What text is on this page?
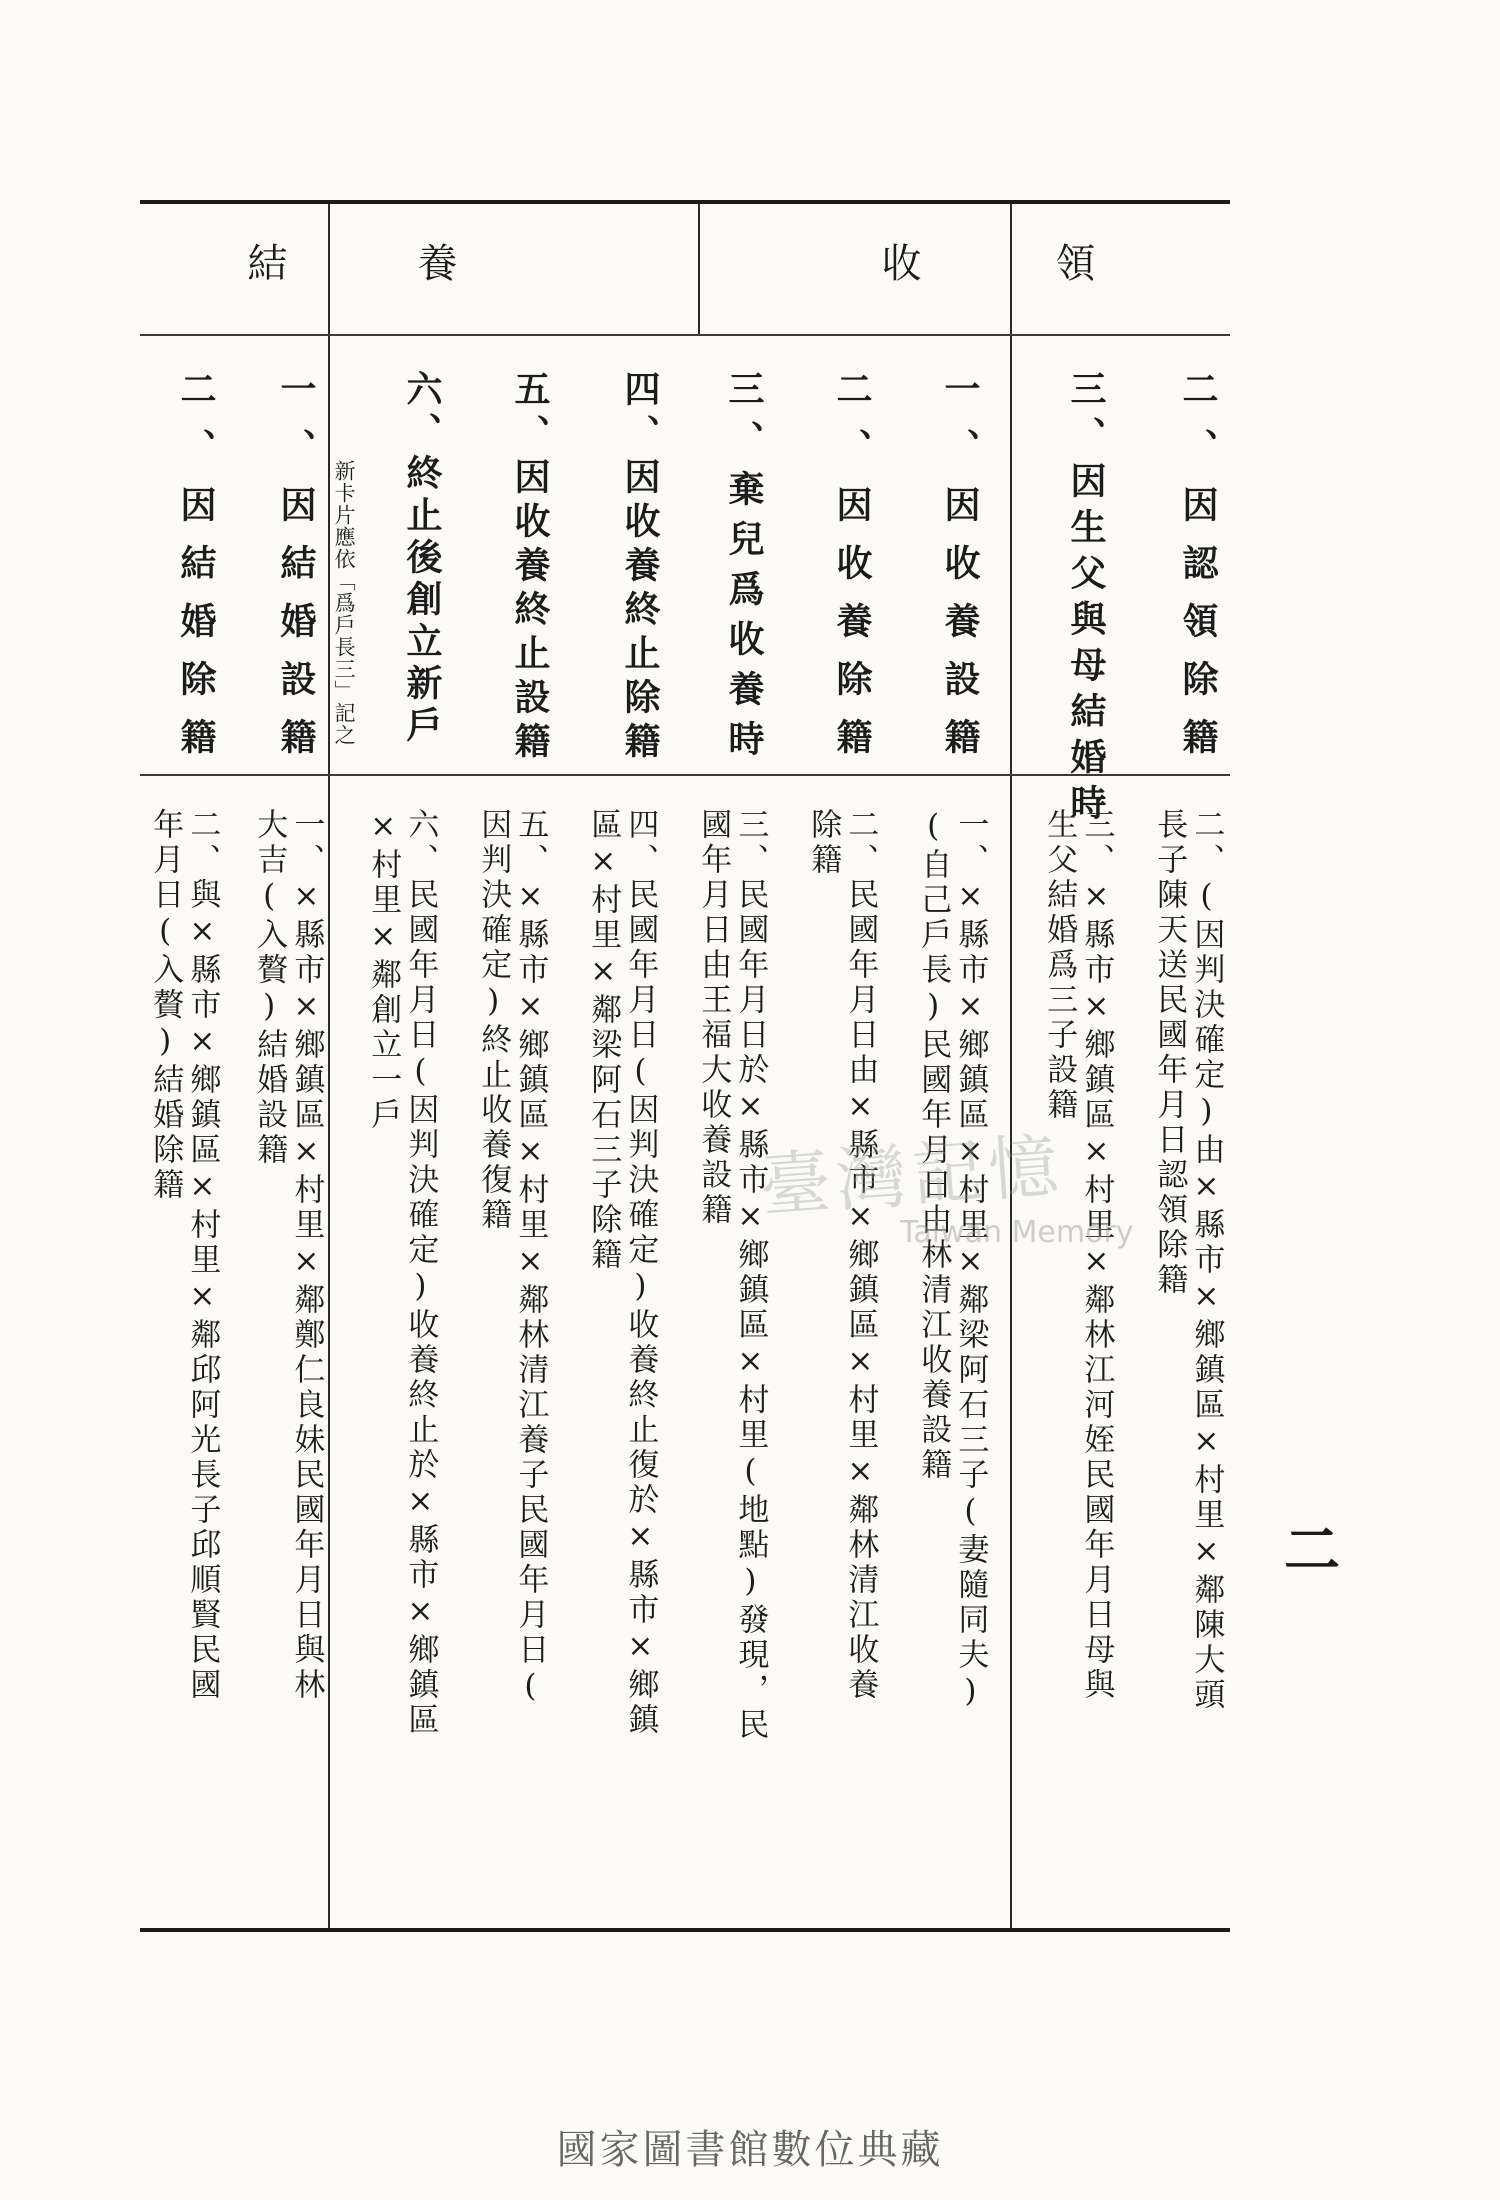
領
收
養
結
二、因認領除籍
三、因生父與母結婚時
一、因收養設籍
二、因收養除籍
三、棄兒爲收養時
四、因收養終止除籍
五、因收養終止設籍
六、終止後創立新戶
新卡片應依「爲戶長三」記之
一、因結婚設籍
二、因結婚除籍
二、(因判決確定)由×縣市×鄉鎮區×村里×鄰陳大頭
長子陳天送民國年月日認領除籍
三、×縣市×鄉鎮區×村里×鄰林江河姪民國年月日母與
生父結婚爲三子設籍
一、×縣市×鄉鎮區×村里×鄰梁阿石三子(妻隨同夫)
(自己戶長)民國年月日由林清江收養設籍
二、民國年月日由×縣市×鄉鎮區×村里×鄰林清江收養
除籍
三、民國年月日於×縣市×鄉鎮區×村里(地點)發現，民
國年月日由王福大收養設籍
四、民國年月日(因判決確定)收養終止復於×縣市×鄉鎮
區×村里×鄰梁阿石三子除籍
五、×縣市×鄉鎮區×村里×鄰林清江養子民國年月日(
因判決確定)終止收養復籍
六、民國年月日(因判決確定)收養終止於×縣市×鄉鎮區
×村里×鄰創立一戶
一、×縣市×鄉鎮區×村里×鄰鄭仁良妹民國年月日與林
大吉(入贅)結婚設籍
二、與×縣市×鄉鎮區×村里×鄰邱阿光長子邱順賢民國
年月日(入贅)結婚除籍
二
臺灣記憶
Taiwan Memory
國家圖書館數位典藏
